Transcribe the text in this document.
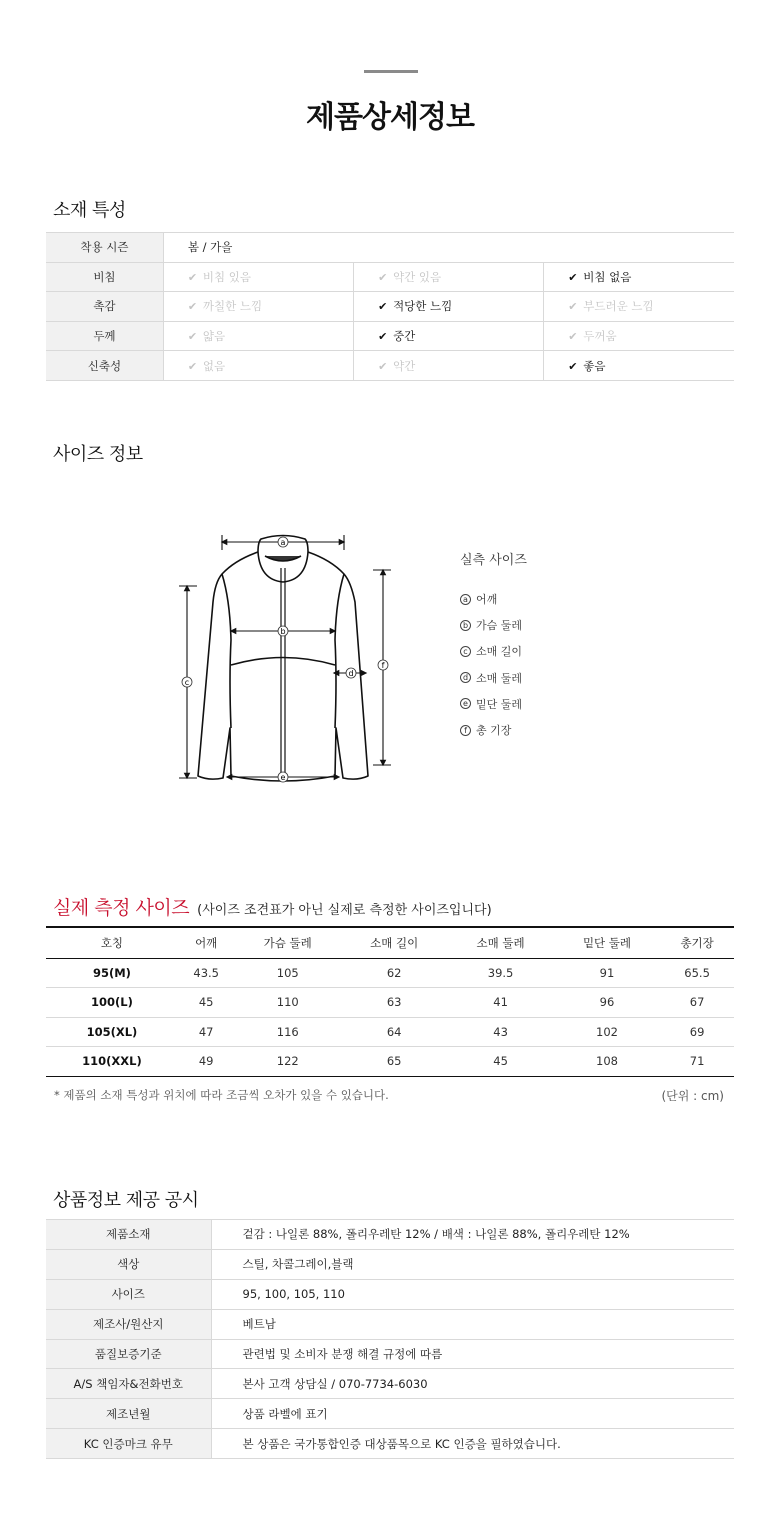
제품상세정보
소재 특성
착용 시즌	봄 / 가을		
비침	✔ 비침 있음	✔ 약간 있음	✔ 비침 없음
촉감	✔ 까칠한 느낌	✔ 적당한 느낌	✔ 부드러운 느낌
두께	✔ 얇음	✔ 중간	✔ 두꺼움
신축성	✔ 없음	✔ 약간	✔ 좋음
사이즈 정보
a
b
c
d
e
f
실측 사이즈
a 어깨
b 가슴 둘레
c 소매 길이
d 소매 둘레
e 밑단 둘레
f 총 기장
실제 측정 사이즈 (사이즈 조견표가 아닌 실제로 측정한 사이즈입니다)
호칭	어깨	가슴 둘레	소매 길이	소매 둘레	밑단 둘레	총기장
95(M)	43.5	105	62	39.5	91	65.5
100(L)	45	110	63	41	96	67
105(XL)	47	116	64	43	102	69
110(XXL)	49	122	65	45	108	71
* 제품의 소재 특성과 위치에 따라 조금씩 오차가 있을 수 있습니다.	(단위 : cm)
상품정보 제공 공시
제품소재	겉감 : 나일론 88%, 폴리우레탄 12% / 배색 : 나일론 88%, 폴리우레탄 12%
색상	스틸, 차콜그레이,블랙
사이즈	95, 100, 105, 110
제조사/원산지	베트남
품질보증기준	관련법 및 소비자 분쟁 해결 규정에 따름
A/S 책임자&전화번호	본사 고객 상담실 / 070-7734-6030
제조년월	상품 라벨에 표기
KC 인증마크 유무	본 상품은 국가통합인증 대상품목으로 KC 인증을 필하였습니다.
